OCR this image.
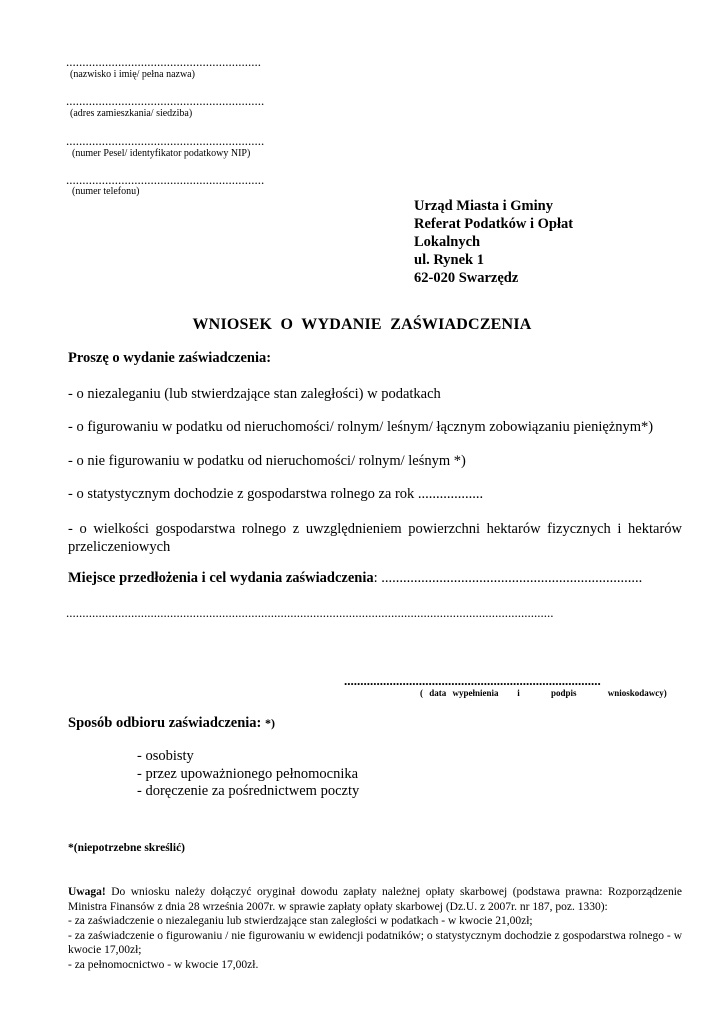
............................................................
(nazwisko i imię/ pełna nazwa)
.............................................................
(adres zamieszkania/ siedziba)
.............................................................
(numer Pesel/ identyfikator podatkowy NIP)
.............................................................
(numer telefonu)
Urząd Miasta i Gminy
Referat Podatków i Opłat
Lokalnych
ul. Rynek 1
62-020 Swarzędz
WNIOSEK  O  WYDANIE  ZAŚWIADCZENIA
Proszę o wydanie zaświadczenia:
- o niezaleganiu (lub stwierdzające stan zaległości) w podatkach
- o figurowaniu w podatku od nieruchomości/ rolnym/ leśnym/ łącznym zobowiązaniu pieniężnym*)
- o nie figurowaniu w podatku od nieruchomości/ rolnym/ leśnym *)
- o statystycznym dochodzie z gospodarstwa rolnego za rok ..................
- o wielkości gospodarstwa rolnego z uwzględnieniem powierzchni hektarów fizycznych i hektarów przeliczeniowych
Miejsce przedłożenia i cel wydania zaświadczenia: ........................................................................
......................................................................................................................................................
...............................................................................
( data wypełnienia   i     podpis     wnioskodawcy)
Sposób odbioru zaświadczenia: *)
- osobisty
- przez upoważnionego pełnomocnika
- doręczenie za pośrednictwem poczty
*(niepotrzebne skreślić)
Uwaga! Do wniosku należy dołączyć oryginał dowodu zapłaty należnej opłaty skarbowej (podstawa prawna: Rozporządzenie Ministra Finansów z dnia 28 września 2007r. w sprawie zapłaty opłaty skarbowej (Dz.U. z 2007r. nr 187, poz. 1330):
- za zaświadczenie o niezaleganiu lub stwierdzające stan zaległości w podatkach - w kwocie 21,00zł;
- za zaświadczenie o figurowaniu / nie figurowaniu w ewidencji podatników; o statystycznym dochodzie z gospodarstwa rolnego - w kwocie 17,00zł;
- za pełnomocnictwo - w kwocie 17,00zł.
